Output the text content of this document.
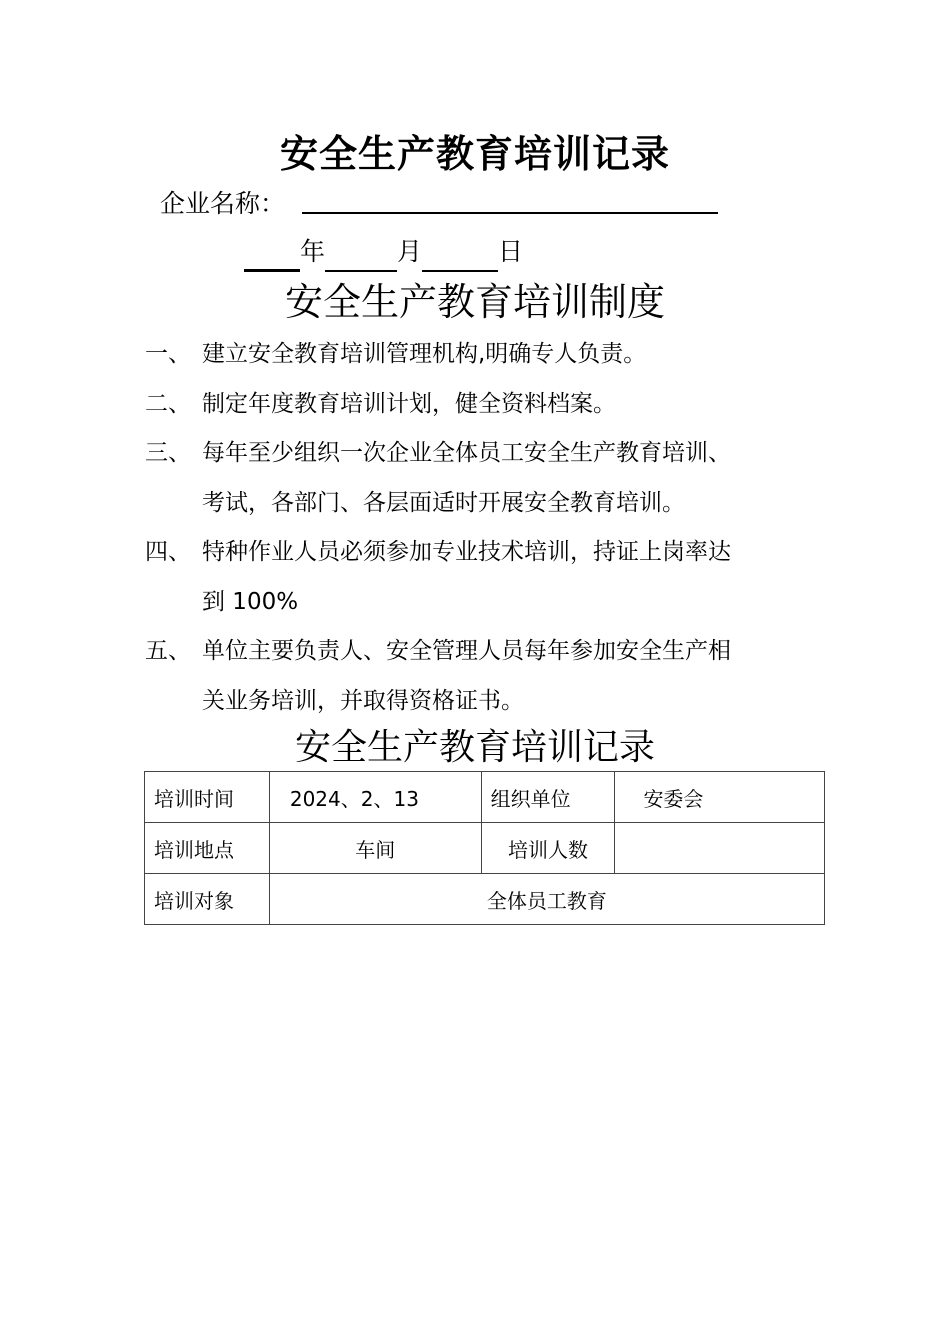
安全生产教育培训记录
企业名称：
年	月	日
安全生产教育培训制度
一、 建立安全教育培训管理机构,明确专人负责。
二、 制定年度教育培训计划，健全资料档案。
三、 每年至少组织一次企业全体员工安全生产教育培训、
考试，各部门、各层面适时开展安全教育培训。
四、 特种作业人员必须参加专业技术培训，持证上岗率达
到 100%
五、 单位主要负责人、安全管理人员每年参加安全生产相
关业务培训，并取得资格证书。
安全生产教育培训记录
培训时间	2024、2、13	组织单位	安委会
培训地点	车间	培训人数	
培训对象	全体员工教育		
